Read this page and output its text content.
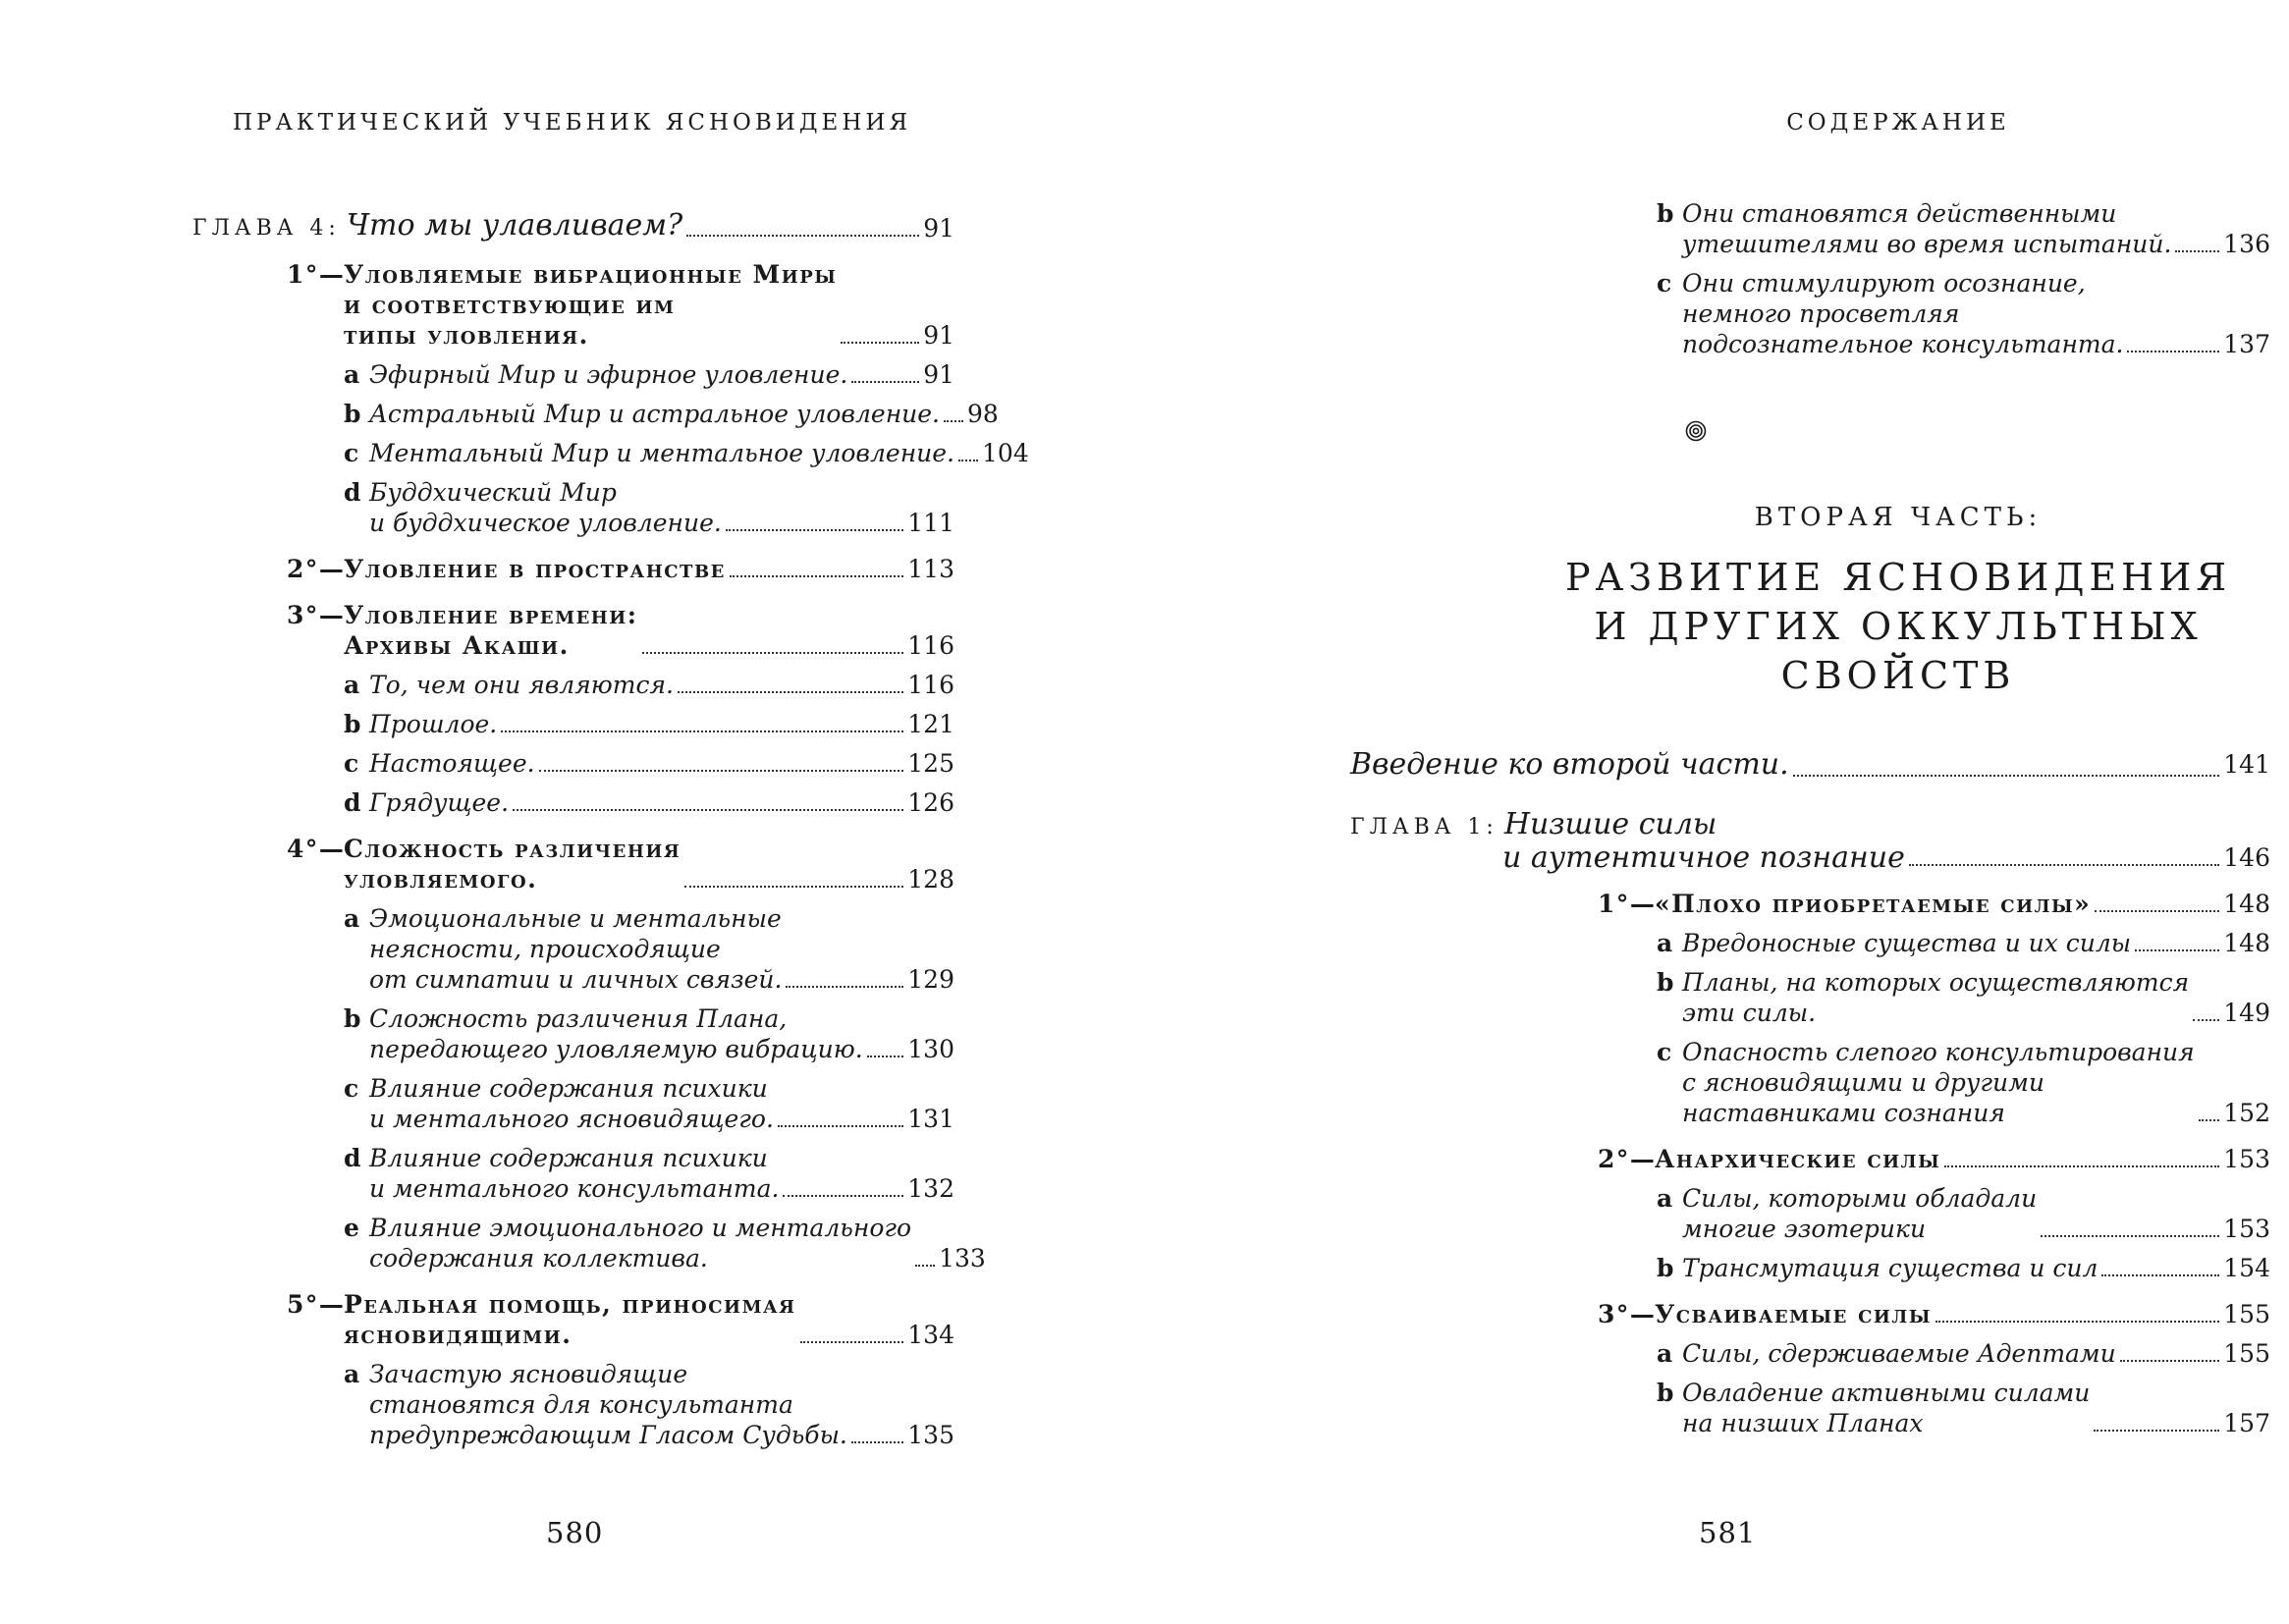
ПРАКТИЧЕСКИЙ УЧЕБНИК ЯСНОВИДЕНИЯ
ГЛАВА 4: Что мы улавливаем?	91
1°—Уловляемые вибрационные Миры
и соответствующие им
типы уловления.	91
a Эфирный Мир и эфирное уловление.	91
b Астральный Мир и астральное уловление. 98
c Ментальный Мир и ментальное уловление. 104
d Буддхический Мир
и буддхическое уловление.	111
2°—Уловление в пространстве	113
3°—Уловление времени:
Архивы Акаши.	116
a То, чем они являются.	116
b Прошлое.	121
c Настоящее.	125
d Грядущее.	126
4°—Сложность различения
уловляемого.	128
a Эмоциональные и ментальные
неясности, происходящие
от симпатии и личных связей.	129
b Сложность различения Плана,
передающего уловляемую вибрацию. 130
c Влияние содержания психики
и ментального ясновидящего.	131
d Влияние содержания психики
и ментального консультанта.	132
e Влияние эмоционального и ментального
содержания коллектива.	133
5°—Реальная помощь, приносимая
ясновидящими.	134
a Зачастую ясновидящие
становятся для консультанта
предупреждающим Гласом Судьбы. 135
580
СОДЕРЖАНИЕ
b Они становятся действенными
утешителями во время испытаний. 136
c Они стимулируют осознание,
немного просветляя
подсознательное консультанта.	137
ВТОРАЯ ЧАСТЬ:
РАЗВИТИЕ ЯСНОВИДЕНИЯ
И ДРУГИХ ОККУЛЬТНЫХ
СВОЙСТВ
Введение ко второй части.	141
ГЛАВА 1: Низшие силы
и аутентичное познание	146
1°—«Плохо приобретаемые силы»	148
a Вредоносные существа и их силы	148
b Планы, на которых осуществляются
эти силы.	149
c Опасность слепого консультирования
с ясновидящими и другими
наставниками сознания	152
2°—Анархические силы	153
a Силы, которыми обладали
многие эзотерики	153
b Трансмутация существа и сил	154
3°—Усваиваемые силы	155
a Силы, сдерживаемые Адептами	155
b Овладение активными силами
на низших Планах	157
581
